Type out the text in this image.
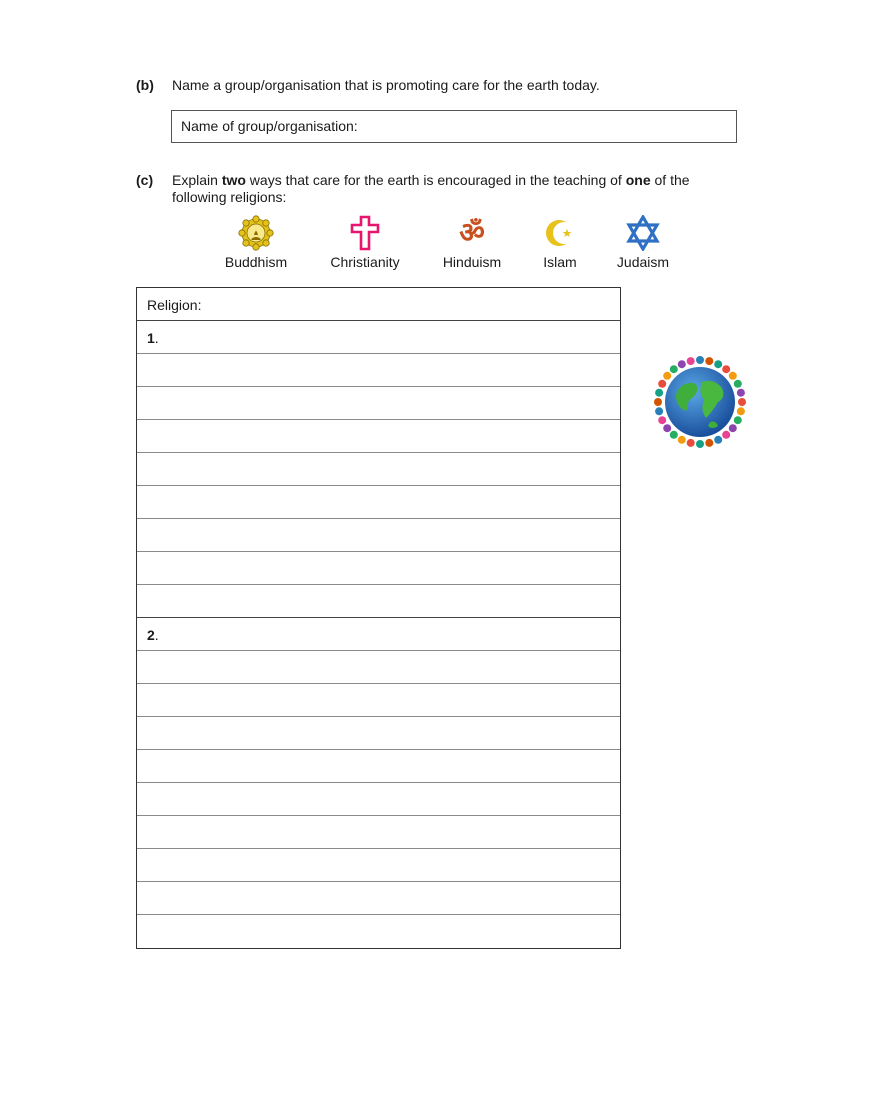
(b) Name a group/organisation that is promoting care for the earth today.
Name of group/organisation:
(c) Explain two ways that care for the earth is encouraged in the teaching of one of the
following religions:
Buddhism	Christianity
ॐ
Hinduism	Islam	Judaism
Religion:
1.
2.
